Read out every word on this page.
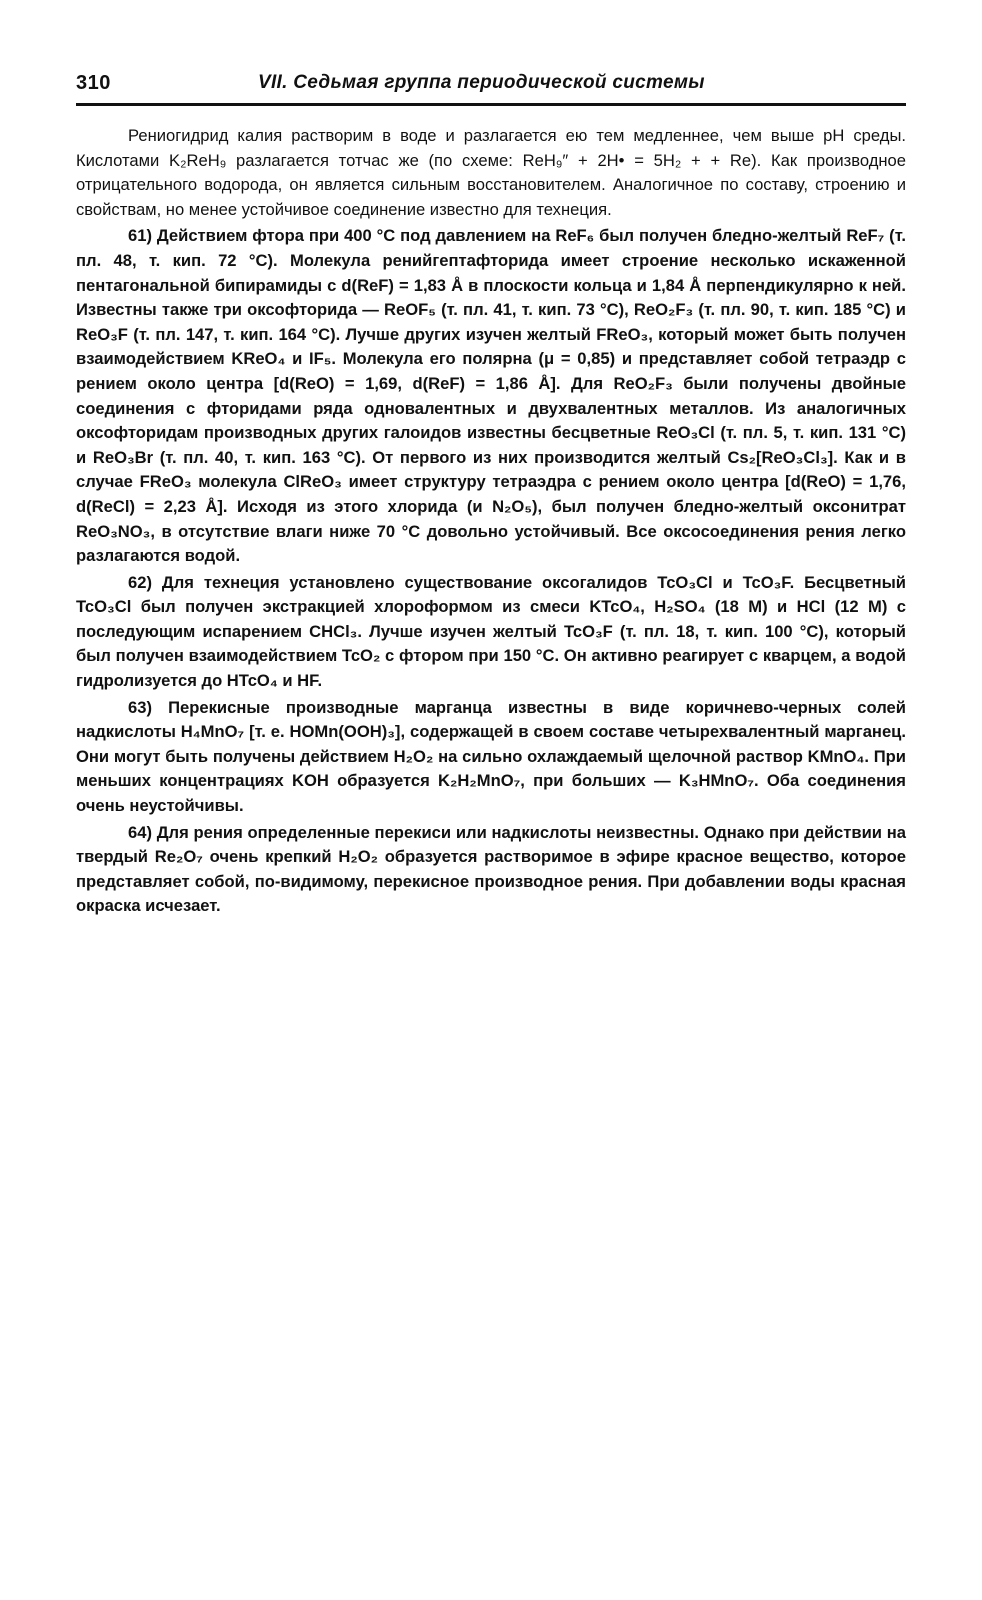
310	VII. Седьмая группа периодической системы

Рениогидрид калия растворим в воде и разлагается ею тем медленнее, чем выше pH среды. Кислотами K₂ReH₉ разлагается тотчас же (по схеме: ReH₉″ + 2H• = 5H₂ + + Re). Как производное отрицательного водорода, он является сильным восстановителем. Аналогичное по составу, строению и свойствам, но менее устойчивое соединение известно для технеция.

61) Действием фтора при 400 °C под давлением на ReF₆ был получен бледно-желтый ReF₇ (т. пл. 48, т. кип. 72 °C). Молекула ренийгептафторида имеет строение несколько искаженной пентагональной бипирамиды с d(ReF) = 1,83 Å в плоскости кольца и 1,84 Å перпендикулярно к ней. Известны также три оксофторида — ReOF₅ (т. пл. 41, т. кип. 73 °C), ReO₂F₃ (т. пл. 90, т. кип. 185 °C) и ReO₃F (т. пл. 147, т. кип. 164 °C). Лучше других изучен желтый FReO₃, который может быть получен взаимодействием KReO₄ и IF₅. Молекула его полярна (μ = 0,85) и представляет собой тетраэдр с рением около центра [d(ReO) = 1,69, d(ReF) = 1,86 Å]. Для ReO₂F₃ были получены двойные соединения с фторидами ряда одновалентных и двухвалентных металлов. Из аналогичных оксофторидам производных других галоидов известны бесцветные ReO₃Cl (т. пл. 5, т. кип. 131 °C) и ReO₃Br (т. пл. 40, т. кип. 163 °C). От первого из них производится желтый Cs₂[ReO₃Cl₃]. Как и в случае FReO₃ молекула ClReO₃ имеет структуру тетраэдра с рением около центра [d(ReO) = 1,76, d(ReCl) = 2,23 Å]. Исходя из этого хлорида (и N₂O₅), был получен бледно-желтый оксонитрат ReO₃NO₃, в отсутствие влаги ниже 70 °C довольно устойчивый. Все оксосоединения рения легко разлагаются водой.

62) Для технеция установлено существование оксогалидов TcO₃Cl и TcO₃F. Бесцветный TcO₃Cl был получен экстракцией хлороформом из смеси KTcO₄, H₂SO₄ (18 M) и HCl (12 M) с последующим испарением CHCl₃. Лучше изучен желтый TcO₃F (т. пл. 18, т. кип. 100 °C), который был получен взаимодействием TcO₂ с фтором при 150 °C. Он активно реагирует с кварцем, а водой гидролизуется до HTcO₄ и HF.

63) Перекисные производные марганца известны в виде коричнево-черных солей надкислоты H₄MnO₇ [т. е. HOMn(OOH)₃], содержащей в своем составе четырехвалентный марганец. Они могут быть получены действием H₂O₂ на сильно охлаждаемый щелочной раствор KMnO₄. При меньших концентрациях KOH образуется K₂H₂MnO₇, при больших — K₃HMnO₇. Оба соединения очень неустойчивы.

64) Для рения определенные перекиси или надкислоты неизвестны. Однако при действии на твердый Re₂O₇ очень крепкий H₂O₂ образуется растворимое в эфире красное вещество, которое представляет собой, по-видимому, перекисное производное рения. При добавлении воды красная окраска исчезает.
